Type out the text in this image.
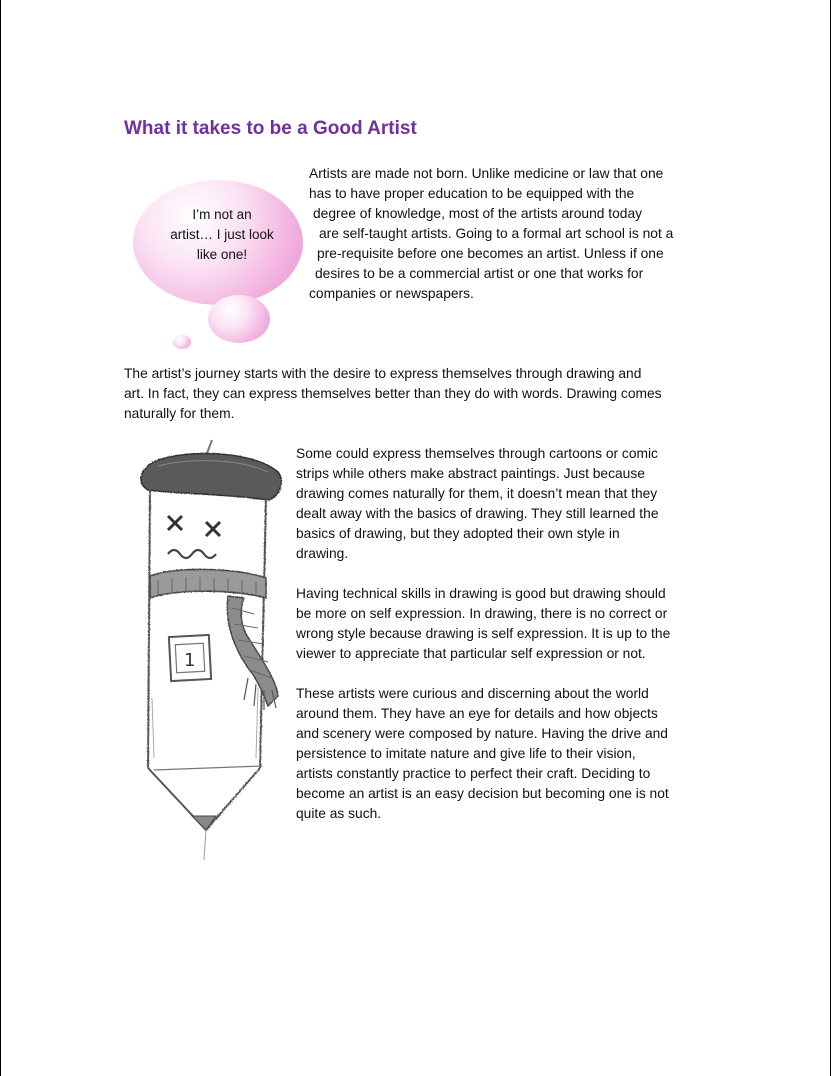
What it takes to be a Good Artist
I’m not an
artist… I just look
like one!
Artists are made not born. Unlike medicine or law that one
has to have proper education to be equipped with the
degree of knowledge, most of the artists around today
are self-taught artists. Going to a formal art school is not a
pre-requisite before one becomes an artist. Unless if one
desires to be a commercial artist or one that works for
companies or newspapers.
The artist’s journey starts with the desire to express themselves through drawing and
art. In fact, they can express themselves better than they do with words. Drawing comes
naturally for them.
1
Some could express themselves through cartoons or comic
strips while others make abstract paintings. Just because
drawing comes naturally for them, it doesn’t mean that they
dealt away with the basics of drawing. They still learned the
basics of drawing, but they adopted their own style in
drawing.
Having technical skills in drawing is good but drawing should
be more on self expression. In drawing, there is no correct or
wrong style because drawing is self expression. It is up to the
viewer to appreciate that particular self expression or not.
These artists were curious and discerning about the world
around them. They have an eye for details and how objects
and scenery were composed by nature. Having the drive and
persistence to imitate nature and give life to their vision,
artists constantly practice to perfect their craft. Deciding to
become an artist is an easy decision but becoming one is not
quite as such.
